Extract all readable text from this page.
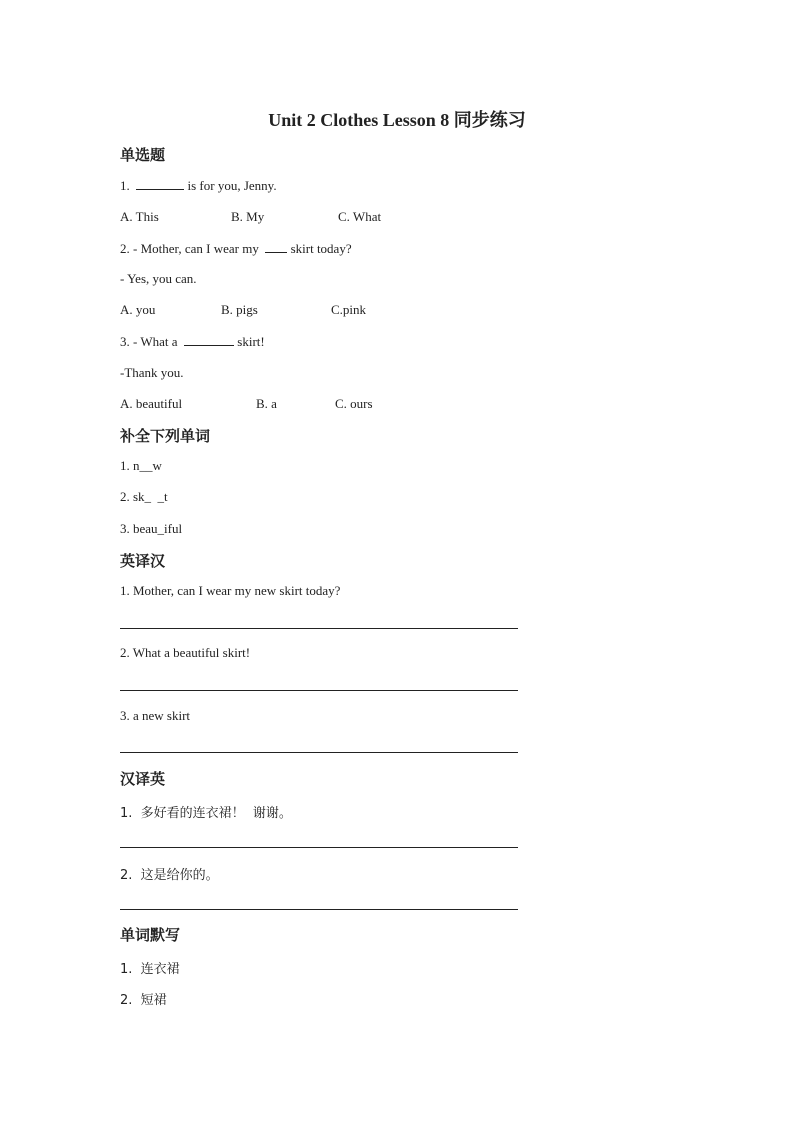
Unit 2 Clothes Lesson 8 同步练习
单选题
1.	is for you, Jenny.
A. This	B. My	C. What
2. - Mother, can I wear my   skirt today?
- Yes, you can.
A. you	B. pigs	C.pink
3. - What a	skirt!
-Thank you.
A. beautiful	B. a	C. ours
补全下列单词
1. n__w
2. sk_  _t
3. beau_iful
英译汉
1. Mother, can I wear my new skirt today?
2. What a beautiful skirt!
3. a new skirt
汉译英
1.  多好看的连衣裙！  谢谢。
2.  这是给你的。
单词默写
1.  连衣裙
2.  短裙
